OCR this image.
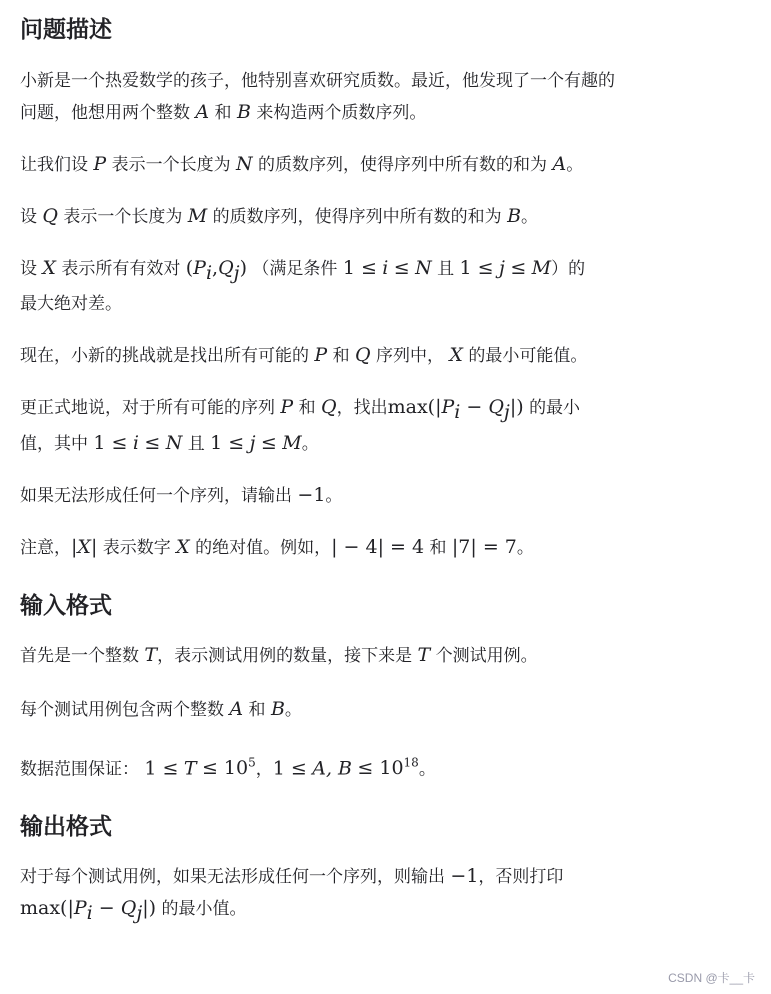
问题描述

小新是一个热爱数学的孩子，他特别喜欢研究质数。最近，他发现了一个有趣的
问题，他想用两个整数 A 和 B 来构造两个质数序列。

让我们设 P 表示一个长度为 N 的质数序列，使得序列中所有数的和为 A。

设 Q 表示一个长度为 M 的质数序列，使得序列中所有数的和为 B。

设 X 表示所有有效对 $(P_i,Q_j)$ （满足条件 1 ≤ i ≤ N 且 1 ≤ j ≤ M）的
最大绝对差。

现在，小新的挑战就是找出所有可能的 P 和 Q 序列中， X 的最小可能值。

更正式地说，对于所有可能的序列 P 和 Q，找出$\max(|P_i - Q_j|)$ 的最小
值，其中 1 ≤ i ≤ N 且 1 ≤ j ≤ M。

如果无法形成任何一个序列，请输出 −1。

注意，|X| 表示数字 X 的绝对值。例如，| − 4| = 4 和 |7| = 7。

输入格式

首先是一个整数 T，表示测试用例的数量，接下来是 T 个测试用例。

每个测试用例包含两个整数 A 和 B。

数据范围保证： $1 \le T \le 10^5$，1 ≤ A, $B \le 10^{18}$。

输出格式

对于每个测试用例，如果无法形成任何一个序列，则输出 −1，否则打印
$\max(|P_i - Q_j|)$ 的最小值。

CSDN @卡__卡
